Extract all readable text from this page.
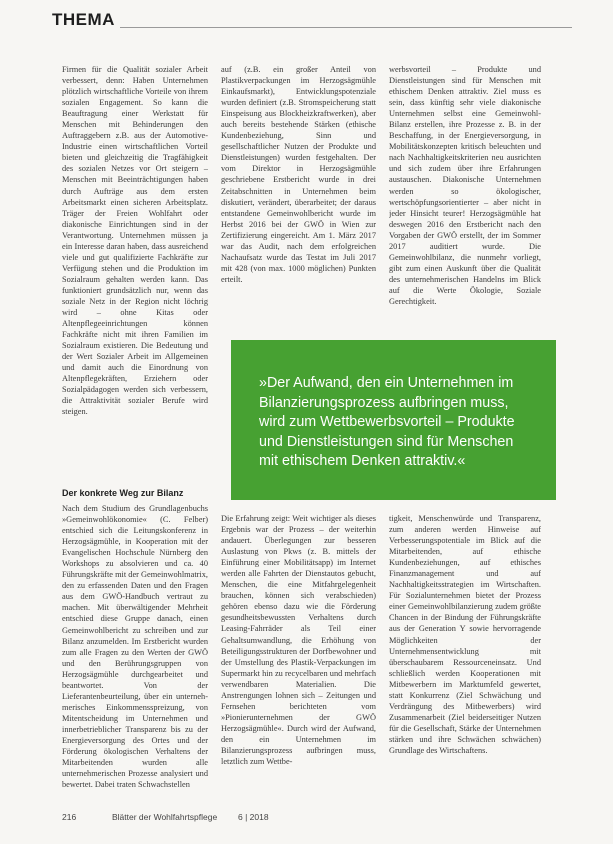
THEMA

Firmen für die Qualität sozialer Arbeit verbessert, denn: Haben Unternehmen plötzlich wirtschaftliche Vorteile von ihrem sozialen Engagement. So kann die Beauftragung einer Werkstatt für Menschen mit Behinderungen den Auftraggebern z.B. aus der Automotive-Industrie einen wirtschaftlichen Vorteil bieten und gleichzeitig die Tragfähigkeit des sozialen Netzes vor Ort steigern – Menschen mit Beeinträchtigungen haben durch Aufträge aus dem ersten Arbeitsmarkt einen sicheren Arbeitsplatz. Träger der Freien Wohlfahrt oder diakonische Einrichtungen sind in der Verantwortung. Unternehmen müssen ja ein Interesse daran haben, dass ausreichend viele und gut qualifizierte Fachkräfte zur Verfügung stehen und die Produktion im Sozialraum gehalten werden kann. Das funktioniert grundsätzlich nur, wenn das soziale Netz in der Region nicht löchrig wird – ohne Kitas oder Altenpflegeeinrichtungen können Fachkräfte nicht mit ihren Familien im Sozialraum existieren. Die Bedeutung und der Wert Sozialer Arbeit im Allgemeinen und damit auch die Einordnung von Altenpflegekräften, Erziehern oder Sozialpädagogen werden sich verbessern, die Attraktivität sozialer Berufe wird steigen.

auf (z.B. ein großer Anteil von Plastikverpackungen im Herzogsägmühle Einkaufsmarkt), Entwicklungspotenziale wurden definiert (z.B. Stromspeicherung statt Einspeisung aus Blockheizkraftwerken), aber auch bereits bestehende Stärken (ethische Kundenbeziehung, Sinn und gesellschaftlicher Nutzen der Produkte und Dienstleistungen) wurden festgehalten. Der vom Direktor in Herzogsägmühle geschriebene Erstbericht wurde in drei Zeitabschnitten in Unternehmen beim diskutiert, verändert, überarbeitet; der daraus entstandene Gemeinwohlbericht wurde im Herbst 2016 bei der GWÖ in Wien zur Zertifizierung eingereicht. Am 1. März 2017 war das Audit, nach dem erfolgreichen Nachaufsatz wurde das Testat im Juli 2017 mit 428 (von max. 1000 möglichen) Punkten erteilt.

werbsvorteil – Produkte und Dienstleistungen sind für Menschen mit ethischem Denken attraktiv. Ziel muss es sein, dass künftig sehr viele diakonische Unternehmen selbst eine Gemeinwohl-Bilanz erstellen, ihre Prozesse z. B. in der Beschaffung, in der Energieversorgung, in Mobilitätskonzepten kritisch beleuchten und nach Nachhaltigkeitskriterien neu ausrichten und sich zudem über ihre Erfahrungen austauschen. Diakonische Unternehmen werden so ökologischer, wertschöpfungsorientierter – aber nicht in jeder Hinsicht teurer! Herzogsägmühle hat deswegen 2016 den Erstbericht nach den Vorgaben der GWÖ erstellt, der im Sommer 2017 auditiert wurde. Die Gemeinwohlbilanz, die nunmehr vorliegt, gibt zum einen Auskunft über die Qualität des unternehmerischen Handelns im Blick auf die Werte Ökologie, Soziale Gerechtigkeit.

Der konkrete Weg zur Bilanz

Nach dem Studium des Grundlagenbuchs »Gemeinwohlökonomie« (C. Felber) entschied sich die Leitungskonferenz in Herzogsägmühle, in Kooperation mit der Evangelischen Hochschule Nürnberg den Workshops zu absolvieren und ca. 40 Führungskräfte mit der Gemeinwohlmatrix, den zu erfassenden Daten und den Fragen aus dem GWÖ-Handbuch vertraut zu machen. Mit überwältigender Mehrheit entschied diese Gruppe danach, einen Gemeinwohlbericht zu schreiben und zur Bilanz anzumelden. Im Erstbericht wurden zum alle Fragen zu den Werten der GWÖ und den Berührungsgruppen von Herzogsägmühle durchgearbeitet und beantwortet. Von der Lieferantenbeurteilung, über ein unternehmerisches Einkommensspreizung, von Mitentscheidung im Unternehmen und innerbetrieblicher Transparenz bis zu der Energieversorgung des Ortes und der Förderung ökologischen Verhaltens der Mitarbeitenden wurden alle unternehmerischen Prozesse analysiert und bewertet. Dabei traten Schwachstellen

»Der Aufwand, den ein Unternehmen im Bilanzierungsprozess aufbringen muss, wird zum Wettbewerbsvorteil – Produkte und Dienstleistungen sind für Menschen mit ethischem Denken attraktiv.«

Die Erfahrung zeigt: Weit wichtiger als dieses Ergebnis war der Prozess – der weiterhin andauert. Überlegungen zur besseren Auslastung von Pkws (z. B. mittels der Einführung einer Mobilitätsapp) im Internet werden alle Fahrten der Dienstautos gebucht, Menschen, die eine Mitfahrgelegenheit brauchen, können sich verabschieden) gehören ebenso dazu wie die Förderung gesundheitsbewussten Verhaltens durch Leasing-Fahrräder als Teil einer Gehaltsumwandlung, die Erhöhung von Beteiligungsstrukturen der Dorfbewohner und der Umstellung des Plastik-Verpackungen im Supermarkt hin zu recycelbaren und mehrfach verwendbaren Materialien. Die Anstrengungen lohnen sich – Zeitungen und Fernsehen berichteten vom »Pionierunternehmen der GWÖ Herzogsägmühle«. Durch wird der Aufwand, den ein Unternehmen im Bilanzierungsprozess aufbringen muss, letztlich zum Wettbe-

tigkeit, Menschenwürde und Transparenz, zum anderen werden Hinweise auf Verbesserungspotentiale im Blick auf die Mitarbeitenden, auf ethische Kundenbeziehungen, auf ethisches Finanzmanagement und auf Nachhaltigkeitsstrategien im Wirtschaften. Für Sozialunternehmen bietet der Prozess einer Gemeinwohlbilanzierung zudem größte Chancen in der Bindung der Führungskräfte aus der Generation Y sowie hervorragende Möglichkeiten der Unternehmensentwicklung mit überschaubarem Ressourceneinsatz. Und schließlich werden Kooperationen mit Mitbewerbern im Marktumfeld gewertet, statt Konkurrenz (Ziel Schwächung und Verdrängung des Mitbewerbers) wird Zusammenarbeit (Ziel beiderseitiger Nutzen für die Gesellschaft, Stärke der Unternehmen stärken und ihre Schwächen schwächen) Grundlage des Wirtschaftens.

216	Blätter der Wohlfahrtspflege 6 | 2018
